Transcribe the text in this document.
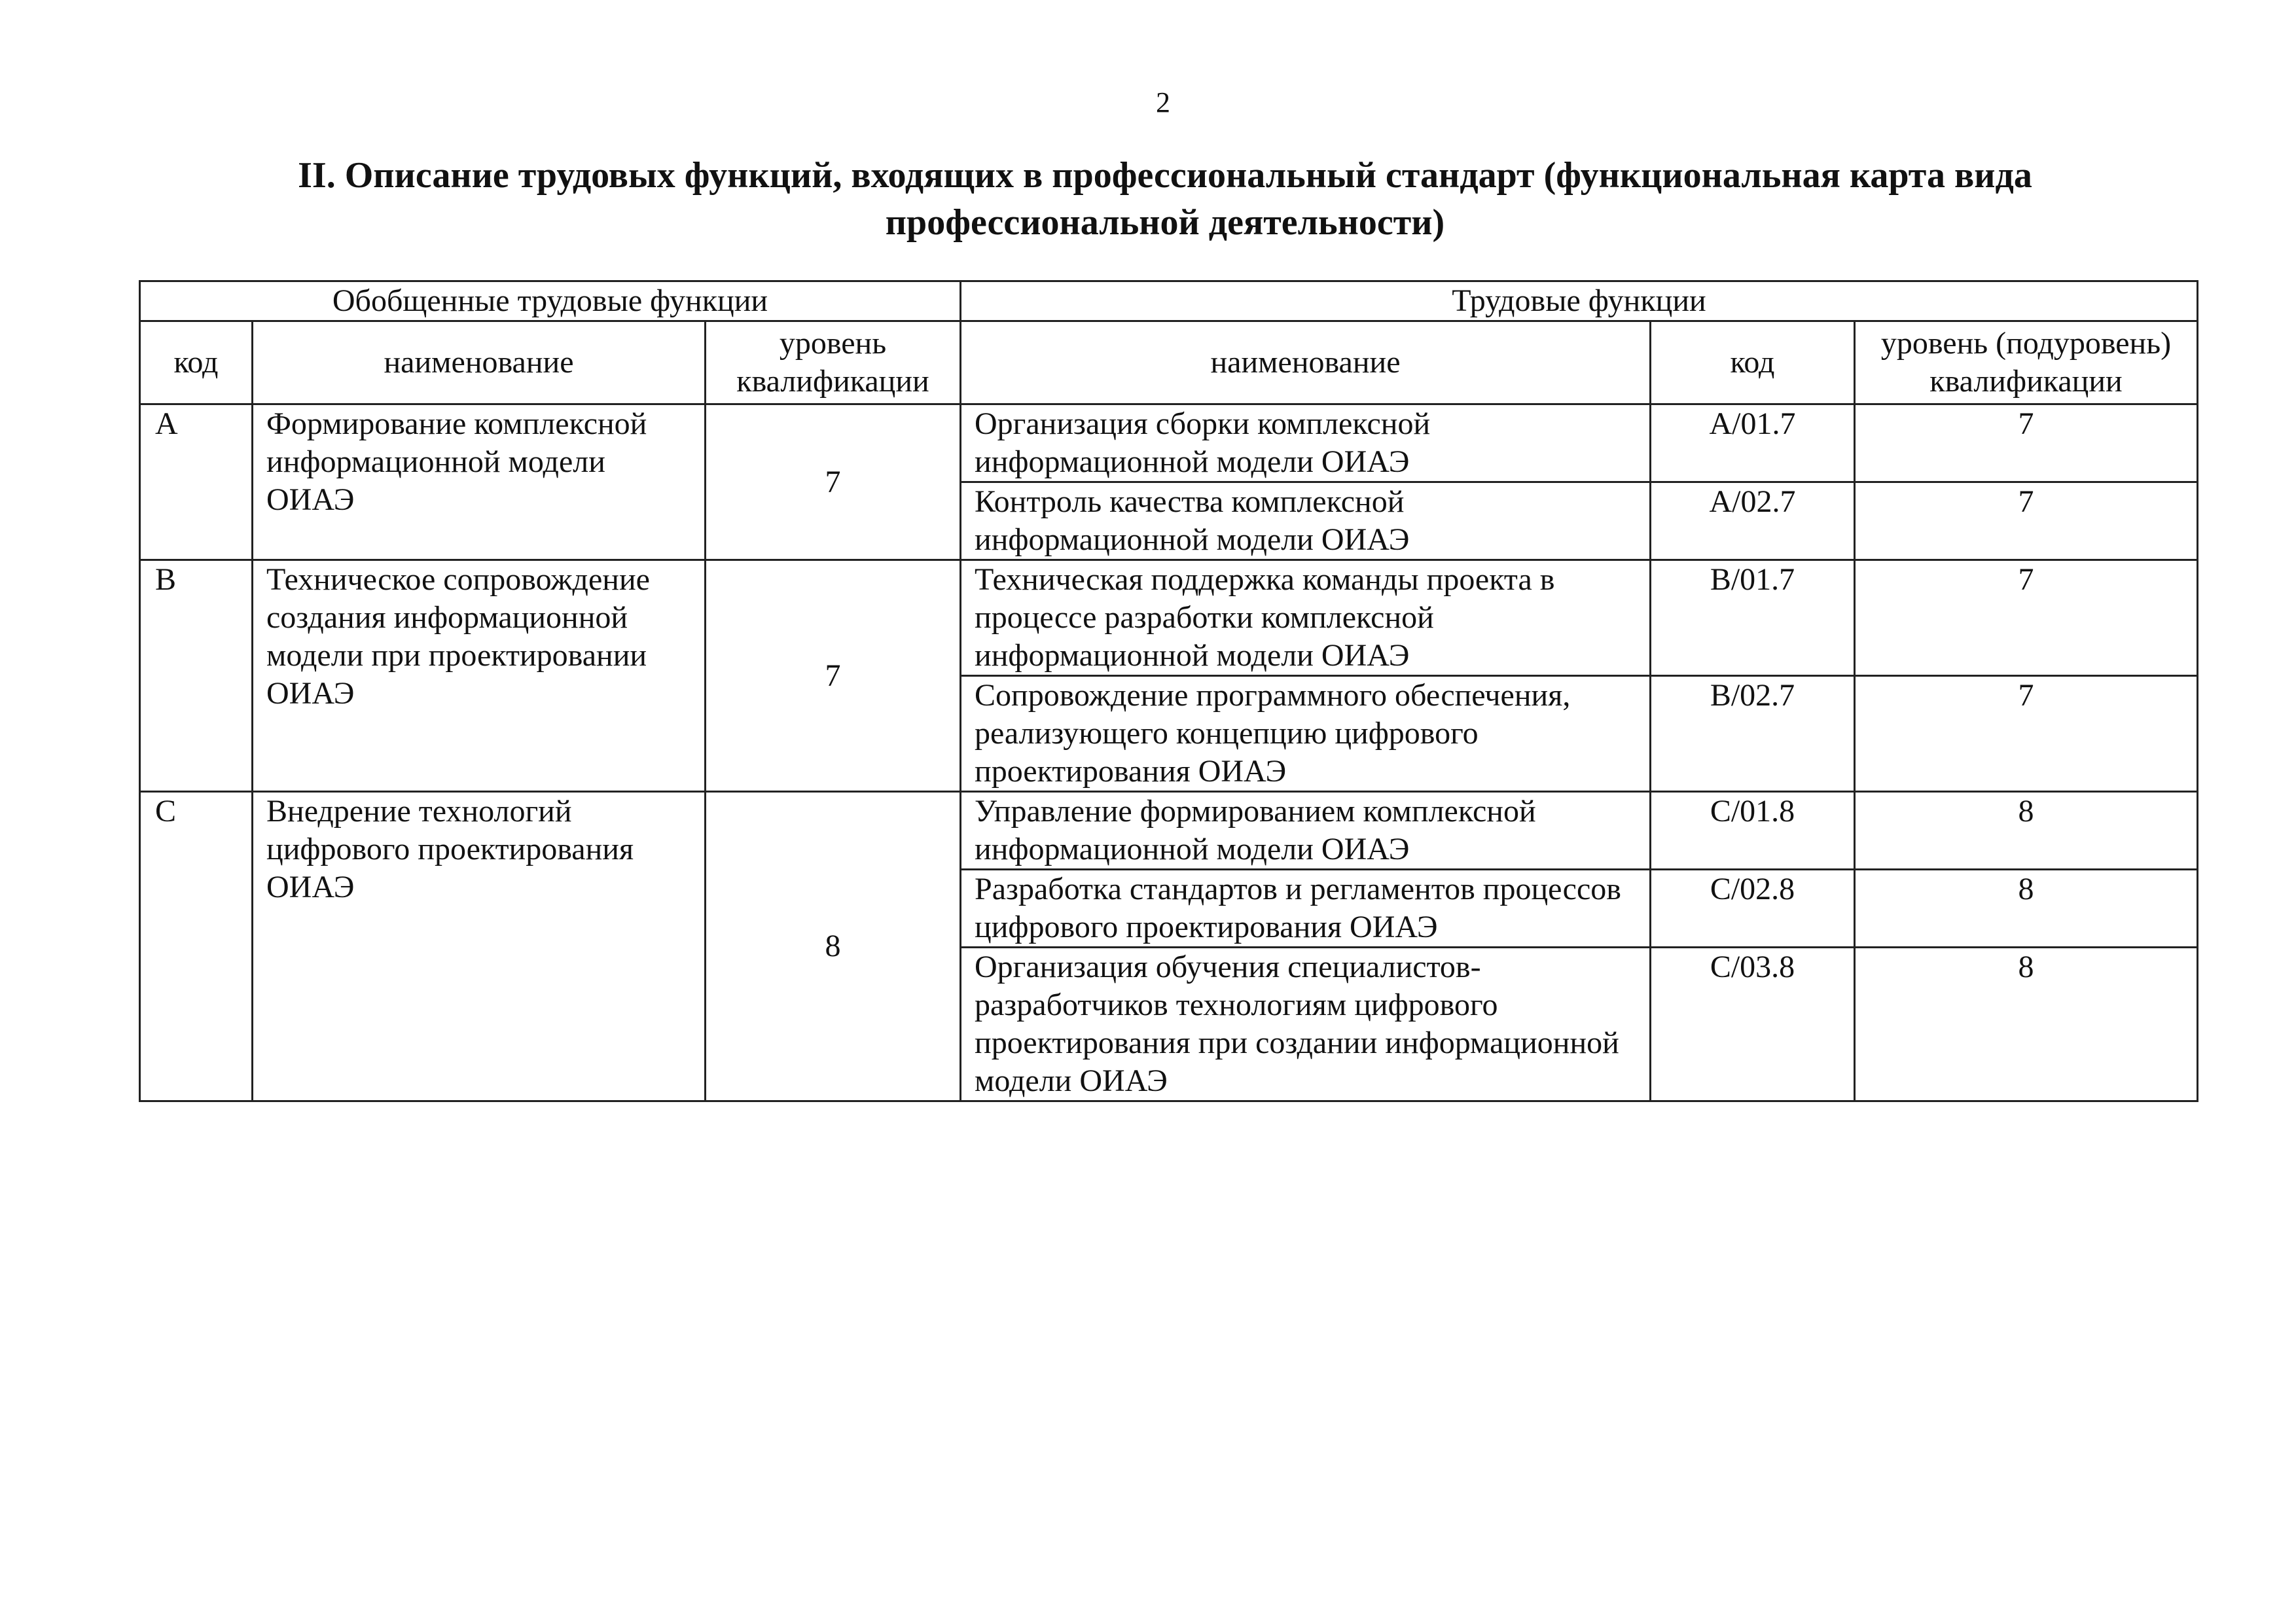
2
II. Описание трудовых функций, входящих в профессиональный стандарт (функциональная карта вида
профессиональной деятельности)
Обобщенные трудовые функции			Трудовые функции		
код	наименование	уровень квалификации	наименование	код	уровень (подуровень) квалификации
A	Формирование комплексной информационной модели ОИАЭ	7	Организация сборки комплексной информационной модели ОИАЭ	A/01.7	7
			Контроль качества комплексной информационной модели ОИАЭ	A/02.7	7
B	Техническое сопровождение создания информационной модели при проектировании ОИАЭ	7	Техническая поддержка команды проекта в процессе разработки комплексной информационной модели ОИАЭ	B/01.7	7
			Сопровождение программного обеспечения, реализующего концепцию цифрового проектирования ОИАЭ	B/02.7	7
C	Внедрение технологий цифрового проектирования ОИАЭ	8	Управление формированием комплексной информационной модели ОИАЭ	C/01.8	8
			Разработка стандартов и регламентов процессов цифрового проектирования ОИАЭ	C/02.8	8
			Организация обучения специалистов-разработчиков технологиям цифрового проектирования при создании информационной модели ОИАЭ	C/03.8	8
